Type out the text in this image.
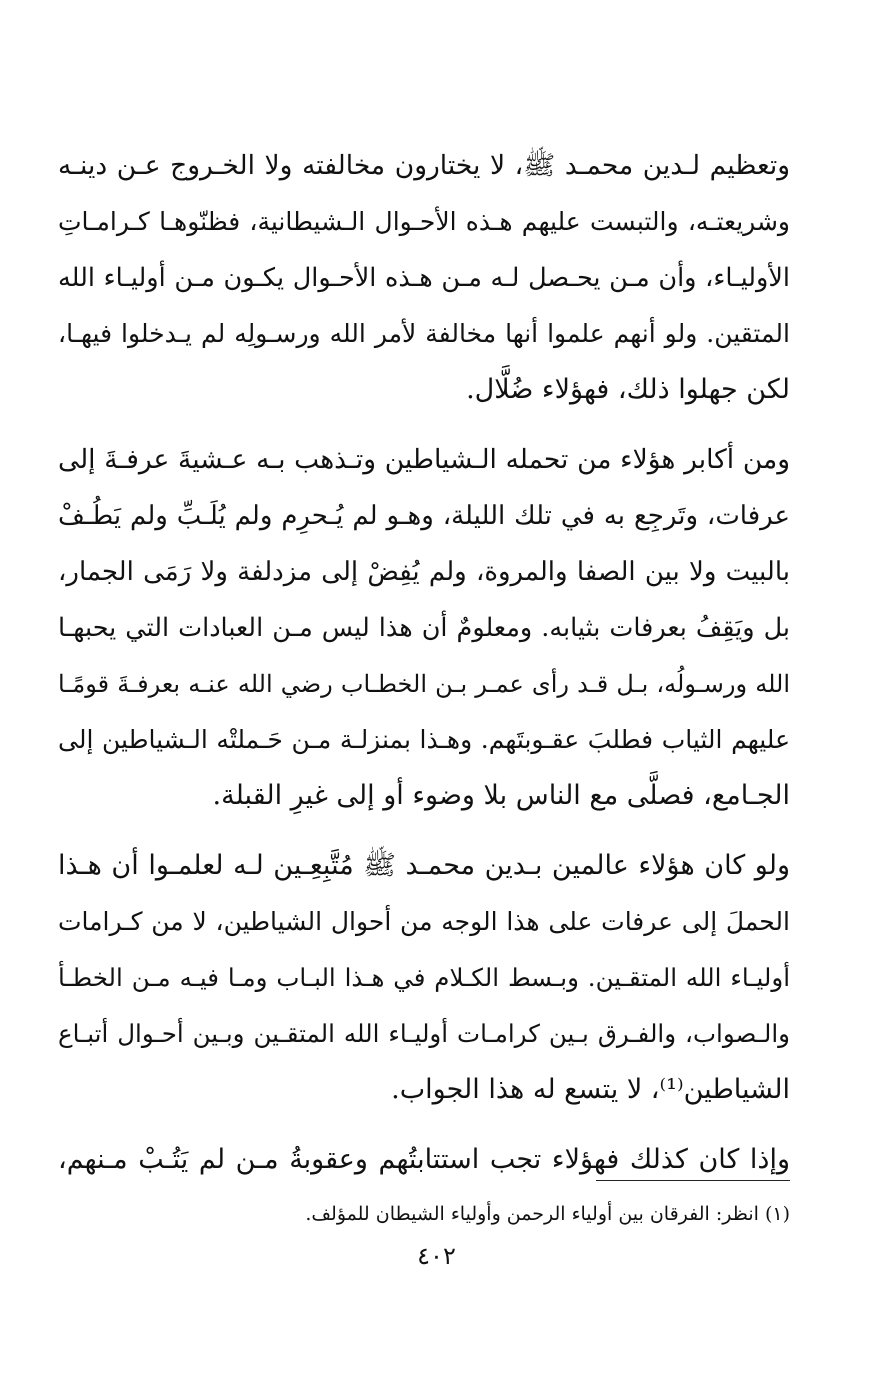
وتعظيم لـدين محمـد ﷺ، لا يختارون مخالفته ولا الخـروج عـن دينـه
وشريعتـه، والتبست عليهم هـذه الأحـوال الـشيطانية، فظنّوهـا كـرامـاتِ
الأوليـاء، وأن مـن يحـصل لـه مـن هـذه الأحـوال يكـون مـن أوليـاء الله
المتقين. ولو أنهم علموا أنها مخالفة لأمر الله ورسـولِه لم يـدخلوا فيهـا،
لكن جهلوا ذلك، فهؤلاء ضُلَّال.
ومن أكابر هؤلاء من تحمله الـشياطين وتـذهب بـه عـشيةَ عرفـةَ إلى
عرفات، وتَرجِع به في تلك الليلة، وهـو لم يُـحرِم ولم يُلَـبِّ ولم يَطُـفْ
بالبيت ولا بين الصفا والمروة، ولم يُفِضْ إلى مزدلفة ولا رَمَى الجمار،
بل ويَقِفُ بعرفات بثيابه. ومعلومٌ أن هذا ليس مـن العبادات التي يحبهـا
الله ورسـولُه، بـل قـد رأى عمـر بـن الخطـاب رضي الله عنـه بعرفـةَ قومًـا
عليهم الثياب فطلبَ عقـوبتَهم. وهـذا بمنزلـة مـن حَـملتْه الـشياطين إلى
الجـامع، فصلَّى مع الناس بلا وضوء أو إلى غيرِ القبلة.
ولو كان هؤلاء عالمين بـدين محمـد ﷺ مُتَّبِعِـين لـه لعلمـوا أن هـذا
الحملَ إلى عرفات على هذا الوجه من أحوال الشياطين، لا من كـرامات
أوليـاء الله المتقـين. وبـسط الكـلام في هـذا البـاب ومـا فيـه مـن الخطـأ
والـصواب، والفـرق بـين كرامـات أوليـاء الله المتقـين وبـين أحـوال أتبـاع
الشياطين⁽¹⁾، لا يتسع له هذا الجواب.
وإذا كان كذلك فهؤلاء تجب استتابتُهم وعقوبةُ مـن لم يَتُـبْ مـنهم،
(١) انظر: الفرقان بين أولياء الرحمن وأولياء الشيطان للمؤلف.
٤٠٢
